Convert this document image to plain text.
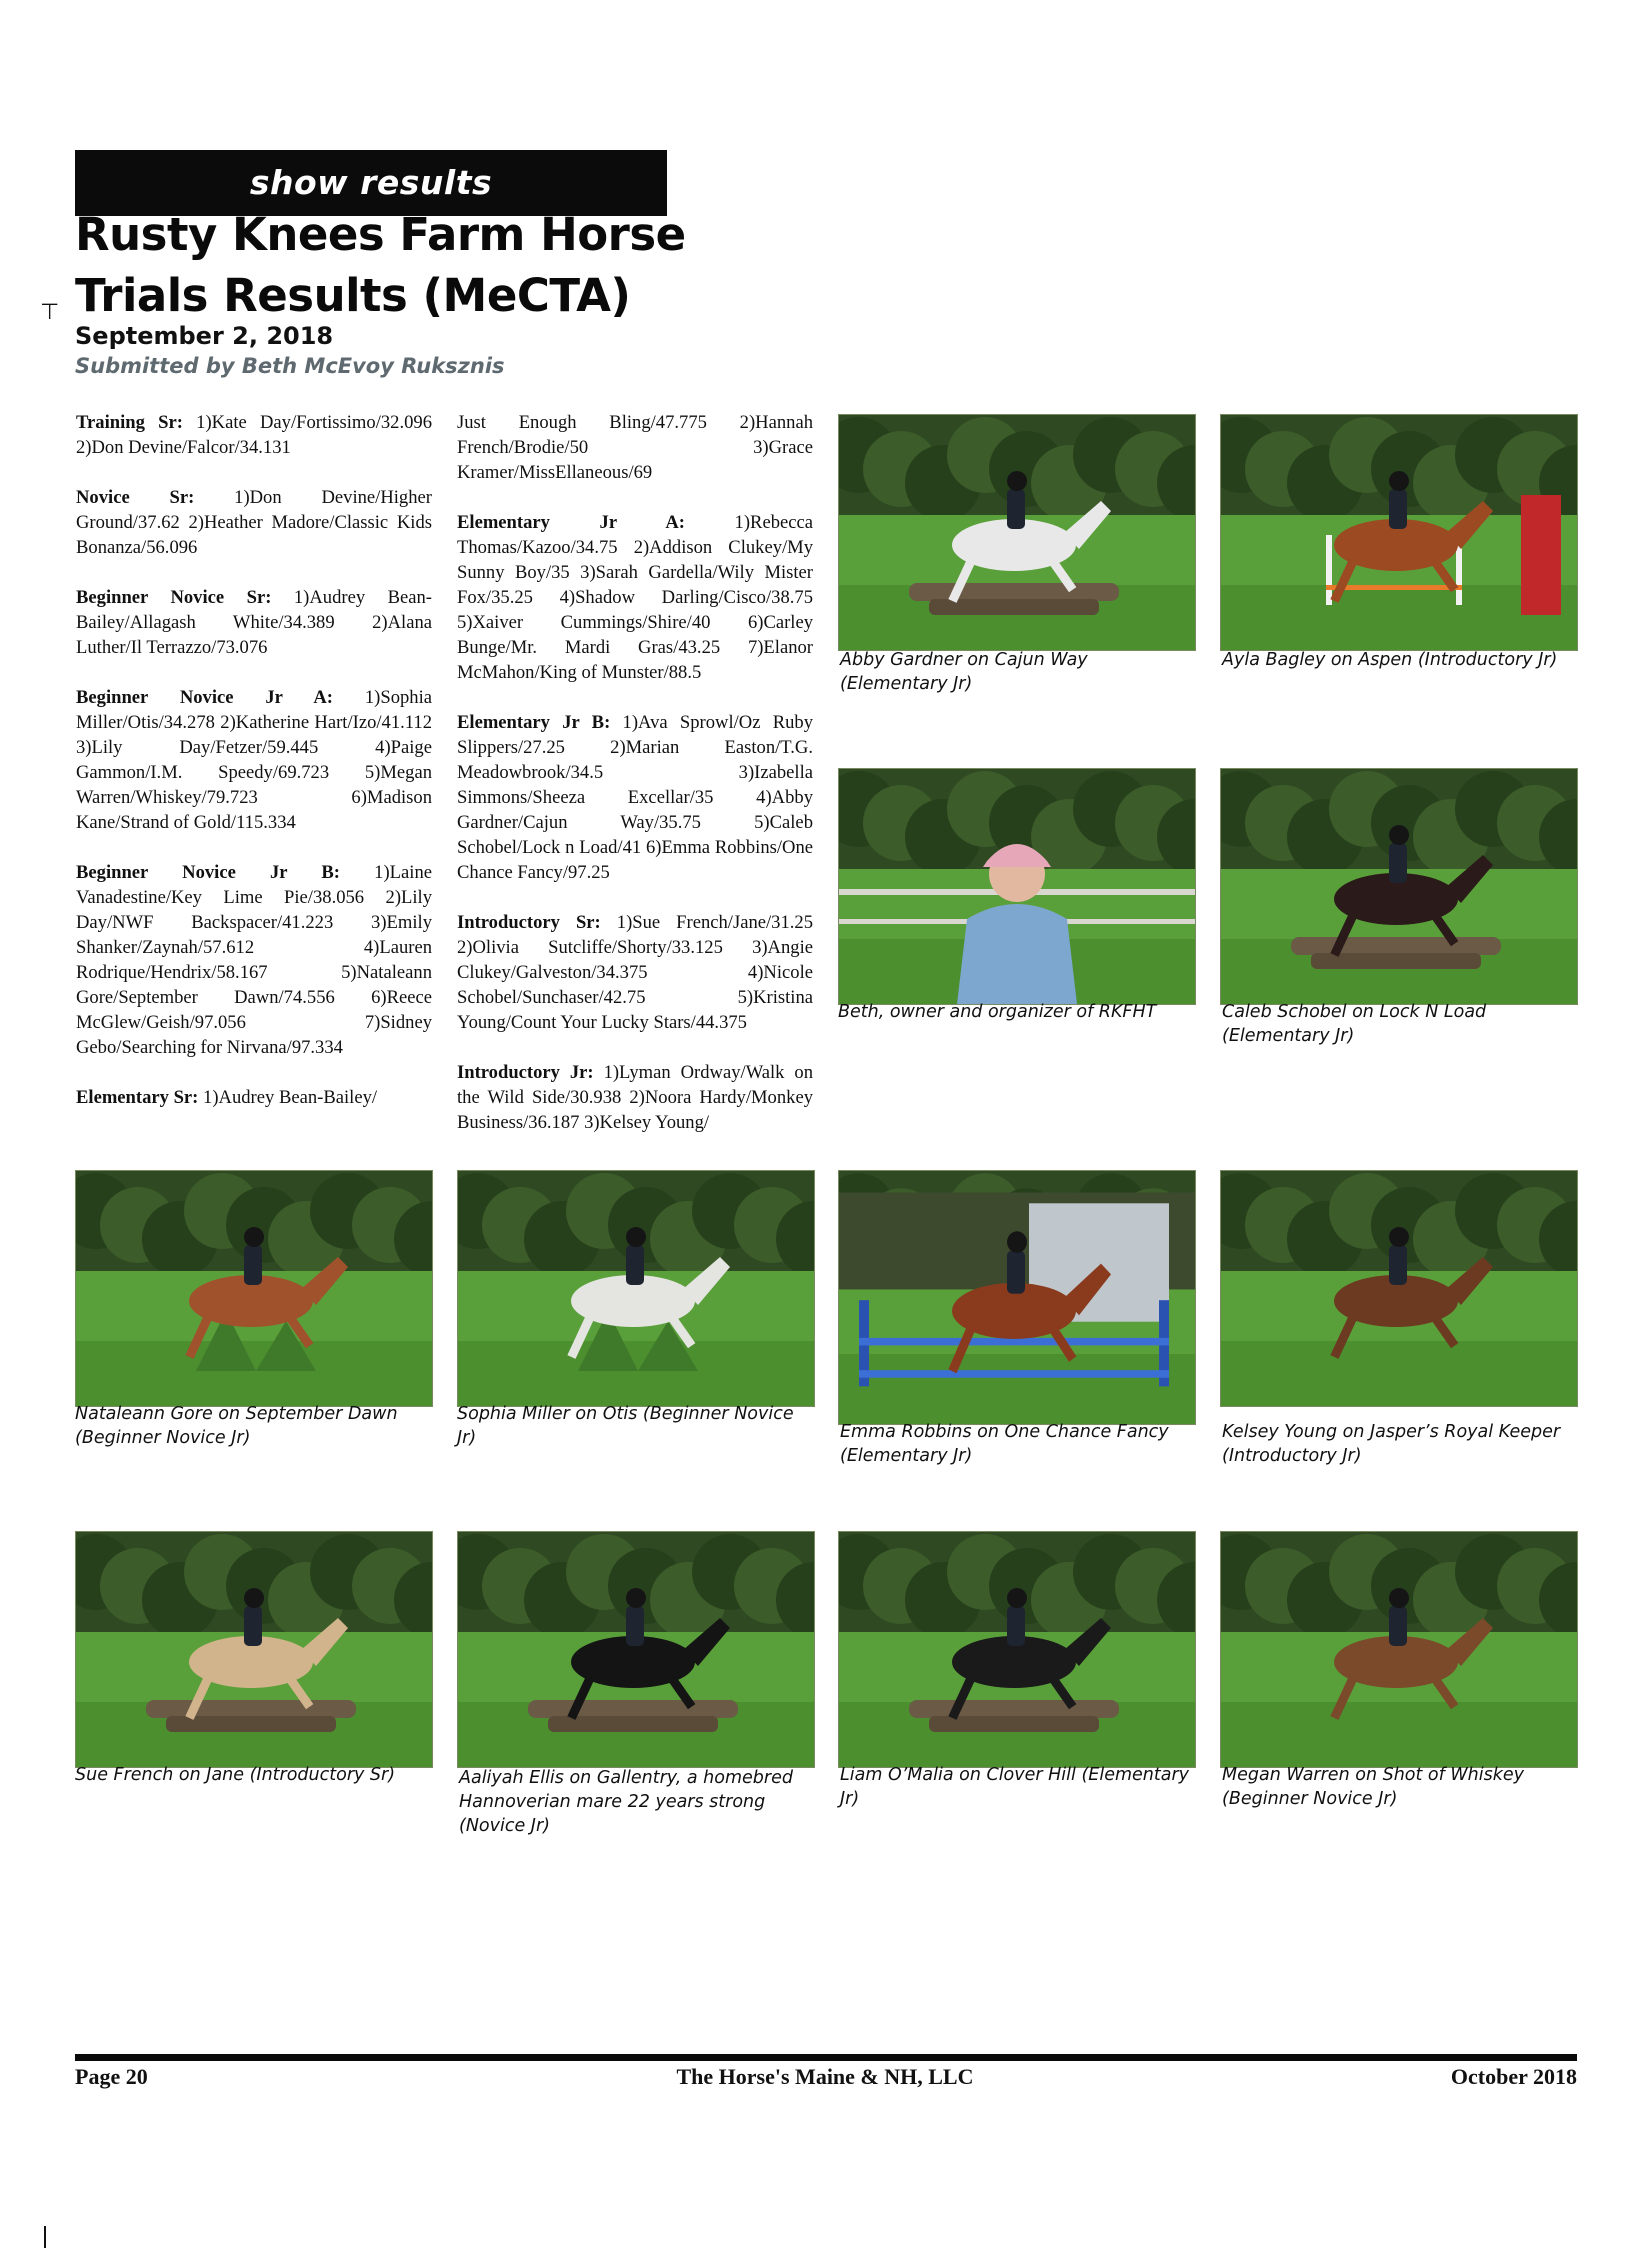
⊤
show results
Rusty Knees Farm Horse Trials Results (MeCTA)
September 2, 2018
Submitted by Beth McEvoy Ruksznis

Training Sr: 1)Kate Day/Fortissimo/32.096 2)Don Devine/Falcor/34.131

Novice Sr: 1)Don Devine/Higher Ground/37.62 2)Heather Madore/Classic Kids Bonanza/56.096

Beginner Novice Sr: 1)Audrey Bean-Bailey/Allagash White/34.389 2)Alana Luther/Il Terrazzo/73.076

Beginner Novice Jr A: 1)Sophia Miller/Otis/34.278 2)Katherine Hart/Izo/41.112 3)Lily Day/Fetzer/59.445 4)Paige Gammon/I.M. Speedy/69.723 5)Megan Warren/Whiskey/79.723 6)Madison Kane/Strand of Gold/115.334

Beginner Novice Jr B: 1)Laine Vanadestine/Key Lime Pie/38.056 2)Lily Day/NWF Backspacer/41.223 3)Emily Shanker/Zaynah/57.612 4)Lauren Rodrique/Hendrix/58.167 5)Nataleann Gore/September Dawn/74.556 6)Reece McGlew/Geish/97.056 7)Sidney Gebo/Searching for Nirvana/97.334

Elementary Sr: 1)Audrey Bean-Bailey/

Just Enough Bling/47.775 2)Hannah French/Brodie/50 3)Grace Kramer/MissEllaneous/69

Elementary Jr A: 1)Rebecca Thomas/Kazoo/34.75 2)Addison Clukey/My Sunny Boy/35 3)Sarah Gardella/Wily Mister Fox/35.25 4)Shadow Darling/Cisco/38.75 5)Xaiver Cummings/Shire/40 6)Carley Bunge/Mr. Mardi Gras/43.25 7)Elanor McMahon/King of Munster/88.5

Elementary Jr B: 1)Ava Sprowl/Oz Ruby Slippers/27.25 2)Marian Easton/T.G. Meadowbrook/34.5 3)Izabella Simmons/Sheeza Excellar/35 4)Abby Gardner/Cajun Way/35.75 5)Caleb Schobel/Lock n Load/41 6)Emma Robbins/One Chance Fancy/97.25

Introductory Sr: 1)Sue French/Jane/31.25 2)Olivia Sutcliffe/Shorty/33.125 3)Angie Clukey/Galveston/34.375 4)Nicole Schobel/Sunchaser/42.75 5)Kristina Young/Count Your Lucky Stars/44.375

Introductory Jr: 1)Lyman Ordway/Walk on the Wild Side/30.938 2)Noora Hardy/Monkey Business/36.187 3)Kelsey Young/

Abby Gardner on Cajun Way (Elementary Jr)
Ayla Bagley on Aspen (Introductory Jr)
Beth, owner and organizer of RKFHT	Caleb Schobel on Lock N Load (Elementary Jr)
Nataleann Gore on September Dawn (Beginner Novice Jr)
Sophia Miller on Otis (Beginner Novice Jr)	Emma Robbins on One Chance Fancy (Elementary Jr)
Kelsey Young on Jasper’s Royal Keeper (Introductory Jr)
Sue French on Jane (Introductory Sr)	Aaliyah Ellis on Gallentry, a homebred Hannoverian mare 22 years strong (Novice Jr)
Liam O’Malia on Clover Hill (Elementary Jr)
Megan Warren on Shot of Whiskey (Beginner Novice Jr)
Page 20	The Horse's Maine & NH, LLC	October 2018
